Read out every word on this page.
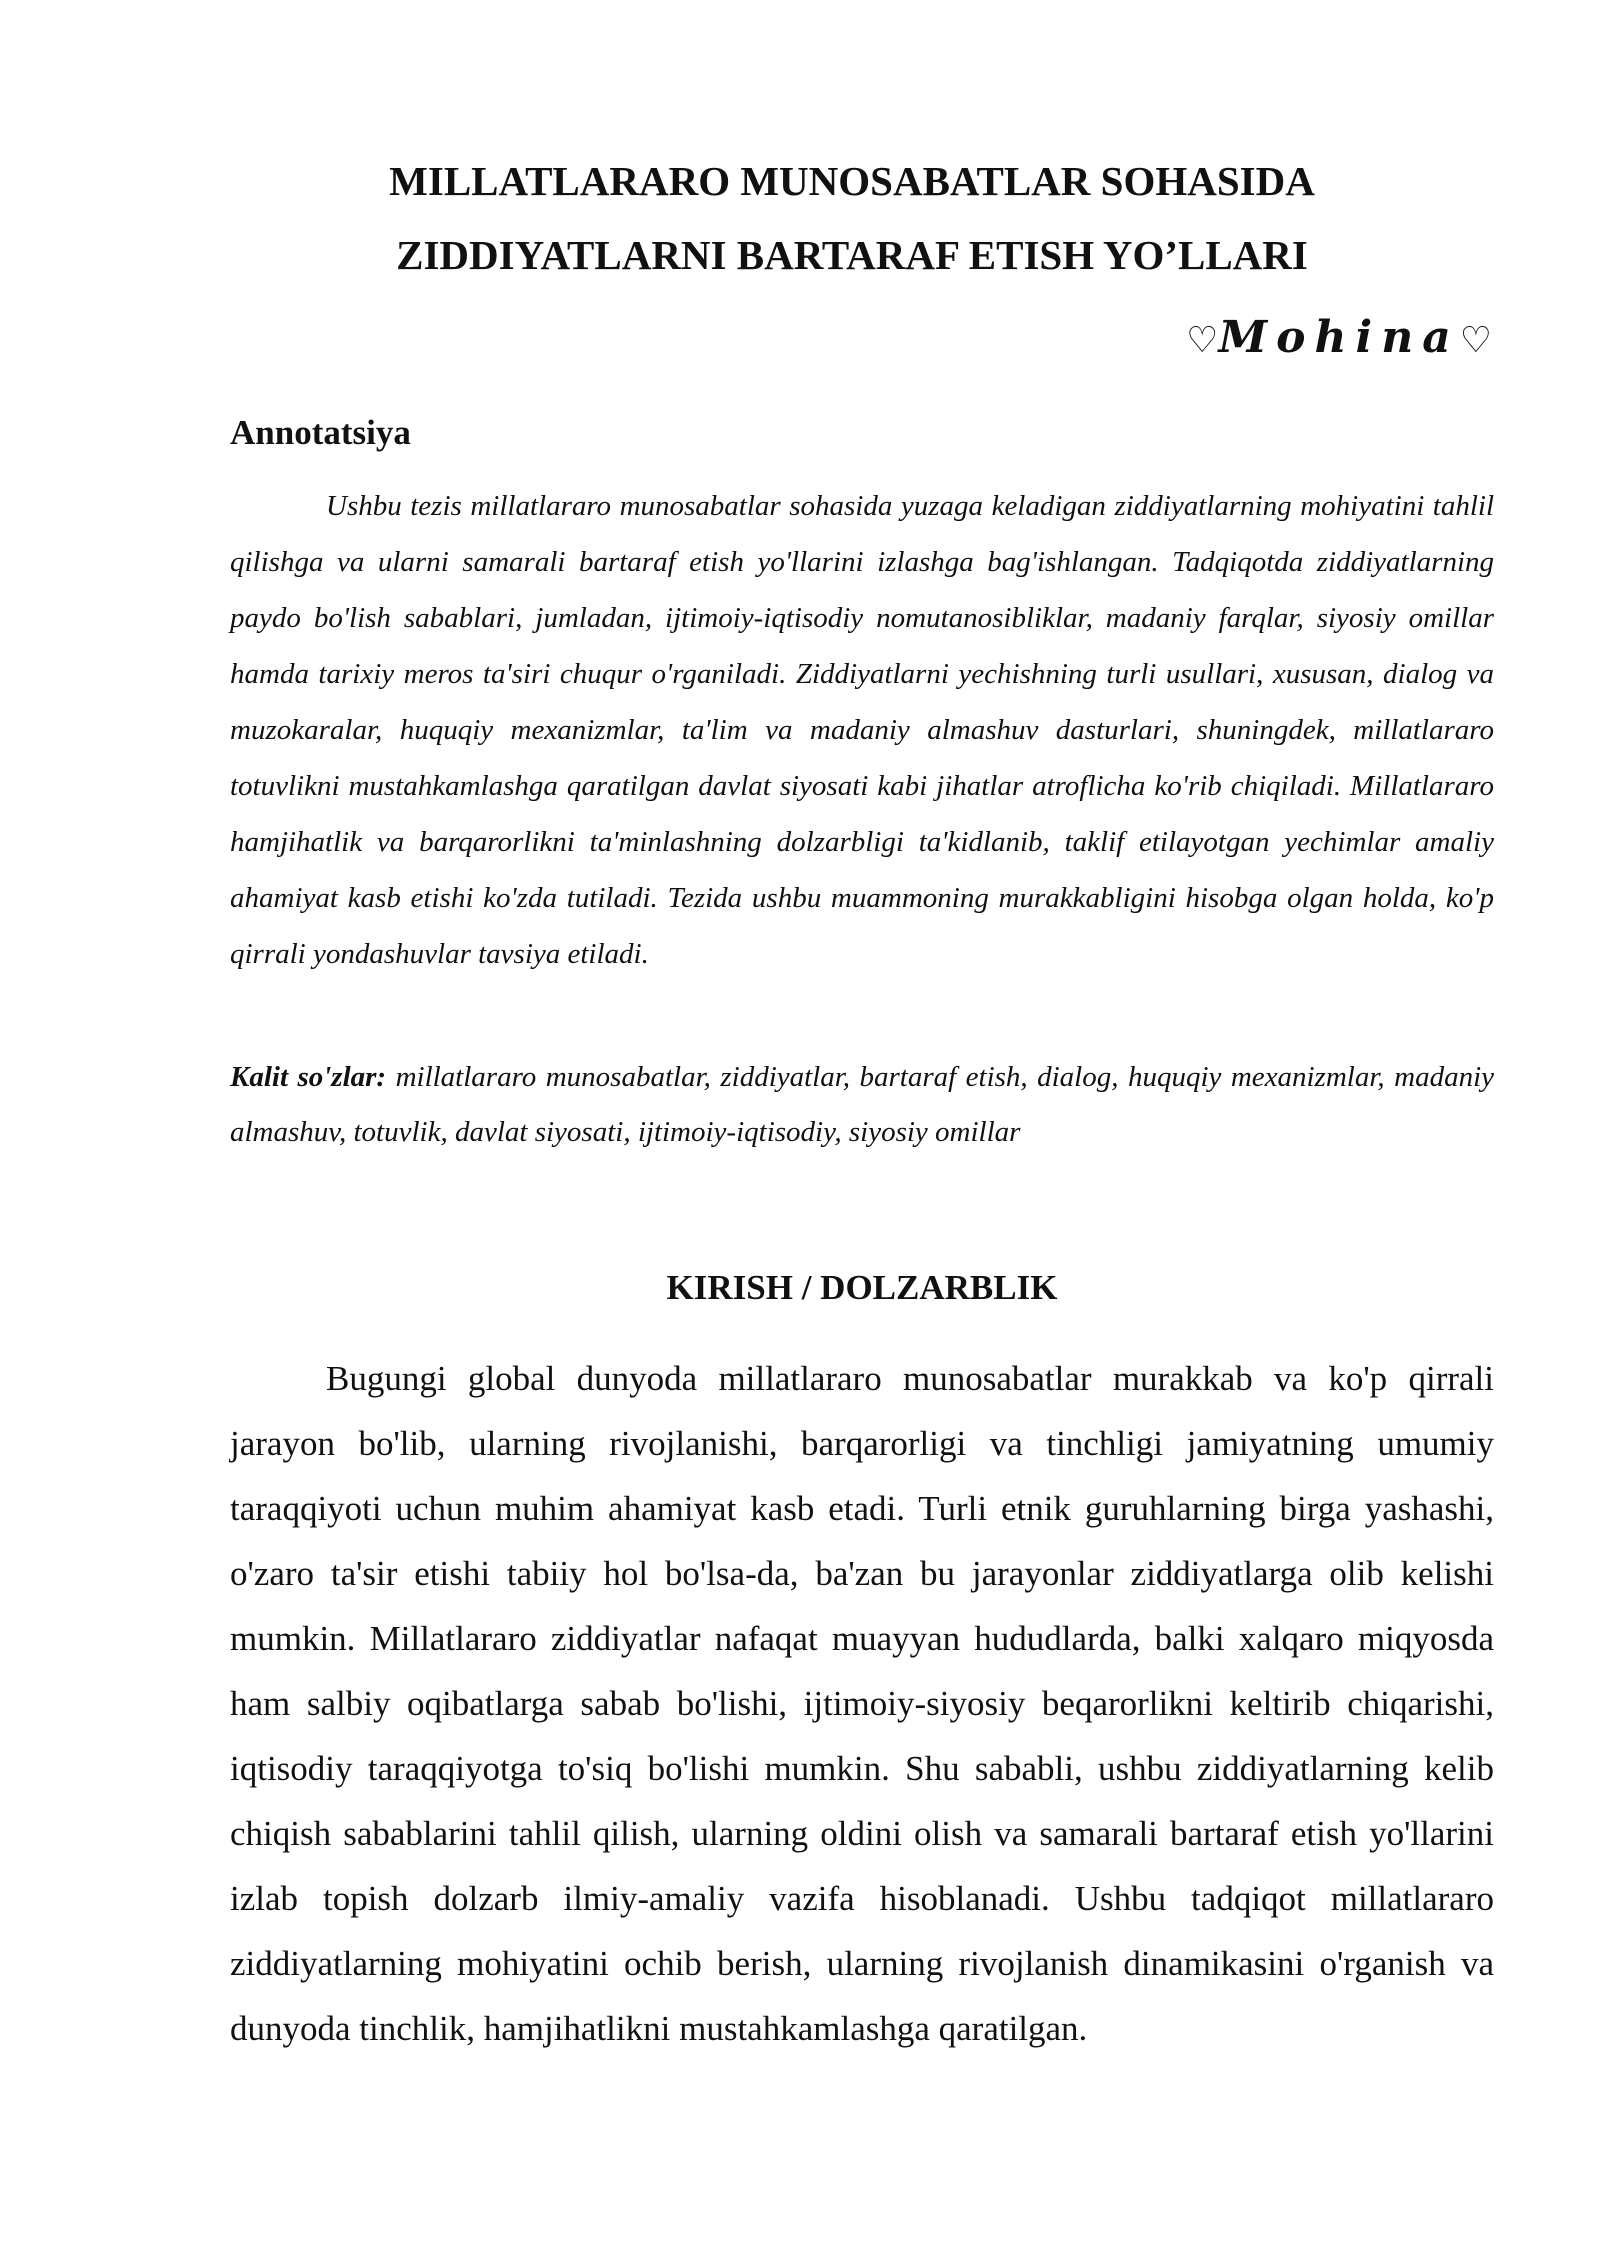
MILLATLARARO MUNOSABATLAR SOHASIDA
ZIDDIYATLARNI BARTARAF ETISH YO’LLARI
♡Mohina♡
Annotatsiya

Ushbu tezis millatlararo munosabatlar sohasida yuzaga keladigan ziddiyatlarning mohiyatini tahlil qilishga va ularni samarali bartaraf etish yo'llarini izlashga bag'ishlangan. Tadqiqotda ziddiyatlarning paydo bo'lish sabablari, jumladan, ijtimoiy-iqtisodiy nomutanosibliklar, madaniy farqlar, siyosiy omillar hamda tarixiy meros ta'siri chuqur o'rganiladi. Ziddiyatlarni yechishning turli usullari, xususan, dialog va muzokaralar, huquqiy mexanizmlar, ta'lim va madaniy almashuv dasturlari, shuningdek, millatlararo totuvlikni mustahkamlashga qaratilgan davlat siyosati kabi jihatlar atroflicha ko'rib chiqiladi. Millatlararo hamjihatlik va barqarorlikni ta'minlashning dolzarbligi ta'kidlanib, taklif etilayotgan yechimlar amaliy ahamiyat kasb etishi ko'zda tutiladi. Tezida ushbu muammoning murakkabligini hisobga olgan holda, ko'p qirrali yondashuvlar tavsiya etiladi.

Kalit so'zlar: millatlararo munosabatlar, ziddiyatlar, bartaraf etish, dialog, huquqiy mexanizmlar, madaniy almashuv, totuvlik, davlat siyosati, ijtimoiy-iqtisodiy, siyosiy omillar

KIRISH / DOLZARBLIK

Bugungi global dunyoda millatlararo munosabatlar murakkab va ko'p qirrali jarayon bo'lib, ularning rivojlanishi, barqarorligi va tinchligi jamiyatning umumiy taraqqiyoti uchun muhim ahamiyat kasb etadi. Turli etnik guruhlarning birga yashashi, o'zaro ta'sir etishi tabiiy hol bo'lsa-da, ba'zan bu jarayonlar ziddiyatlarga olib kelishi mumkin. Millatlararo ziddiyatlar nafaqat muayyan hududlarda, balki xalqaro miqyosda ham salbiy oqibatlarga sabab bo'lishi, ijtimoiy-siyosiy beqarorlikni keltirib chiqarishi, iqtisodiy taraqqiyotga to'siq bo'lishi mumkin. Shu sababli, ushbu ziddiyatlarning kelib chiqish sabablarini tahlil qilish, ularning oldini olish va samarali bartaraf etish yo'llarini izlab topish dolzarb ilmiy-amaliy vazifa hisoblanadi. Ushbu tadqiqot millatlararo ziddiyatlarning mohiyatini ochib berish, ularning rivojlanish dinamikasini o'rganish va dunyoda tinchlik, hamjihatlikni mustahkamlashga qaratilgan.
